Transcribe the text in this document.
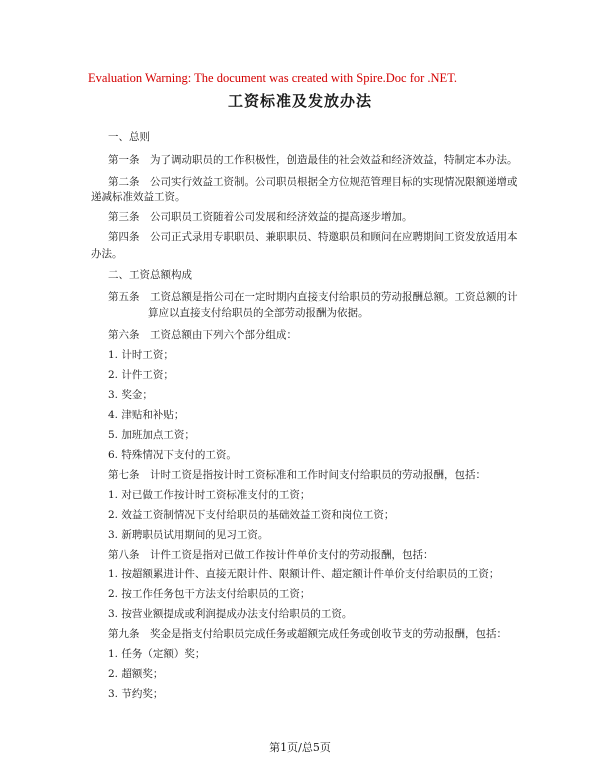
Evaluation Warning: The document was created with Spire.Doc for .NET.
工资标准及发放办法
一、总则
第一条　为了调动职员的工作积极性，创造最佳的社会效益和经济效益，特制定本办法。
第二条　公司实行效益工资制。公司职员根据全方位规范管理目标的实现情况限额递增或
递减标准效益工资。
第三条　公司职员工资随着公司发展和经济效益的提高逐步增加。
第四条　公司正式录用专职职员、兼职职员、特邀职员和顾问在应聘期间工资发放适用本
办法。
二、工资总额构成
第五条　工资总额是指公司在一定时期内直接支付给职员的劳动报酬总额。工资总额的计
算应以直接支付给职员的全部劳动报酬为依据。
第六条　工资总额由下列六个部分组成：
1. 计时工资；
2. 计件工资；
3. 奖金；
4. 津贴和补贴；
5. 加班加点工资；
6. 特殊情况下支付的工资。
第七条　计时工资是指按计时工资标准和工作时间支付给职员的劳动报酬，包括：
1. 对已做工作按计时工资标准支付的工资；
2. 效益工资制情况下支付给职员的基础效益工资和岗位工资；
3. 新聘职员试用期间的见习工资。
第八条　计件工资是指对已做工作按计件单价支付的劳动报酬，包括：
1. 按超额累进计件、直接无限计件、限额计件、超定额计件单价支付给职员的工资；
2. 按工作任务包干方法支付给职员的工资；
3. 按营业额提成或利润提成办法支付给职员的工资。
第九条　奖金是指支付给职员完成任务或超额完成任务或创收节支的劳动报酬，包括：
1. 任务（定额）奖；
2. 超额奖；
3. 节约奖；
第1页/总5页
